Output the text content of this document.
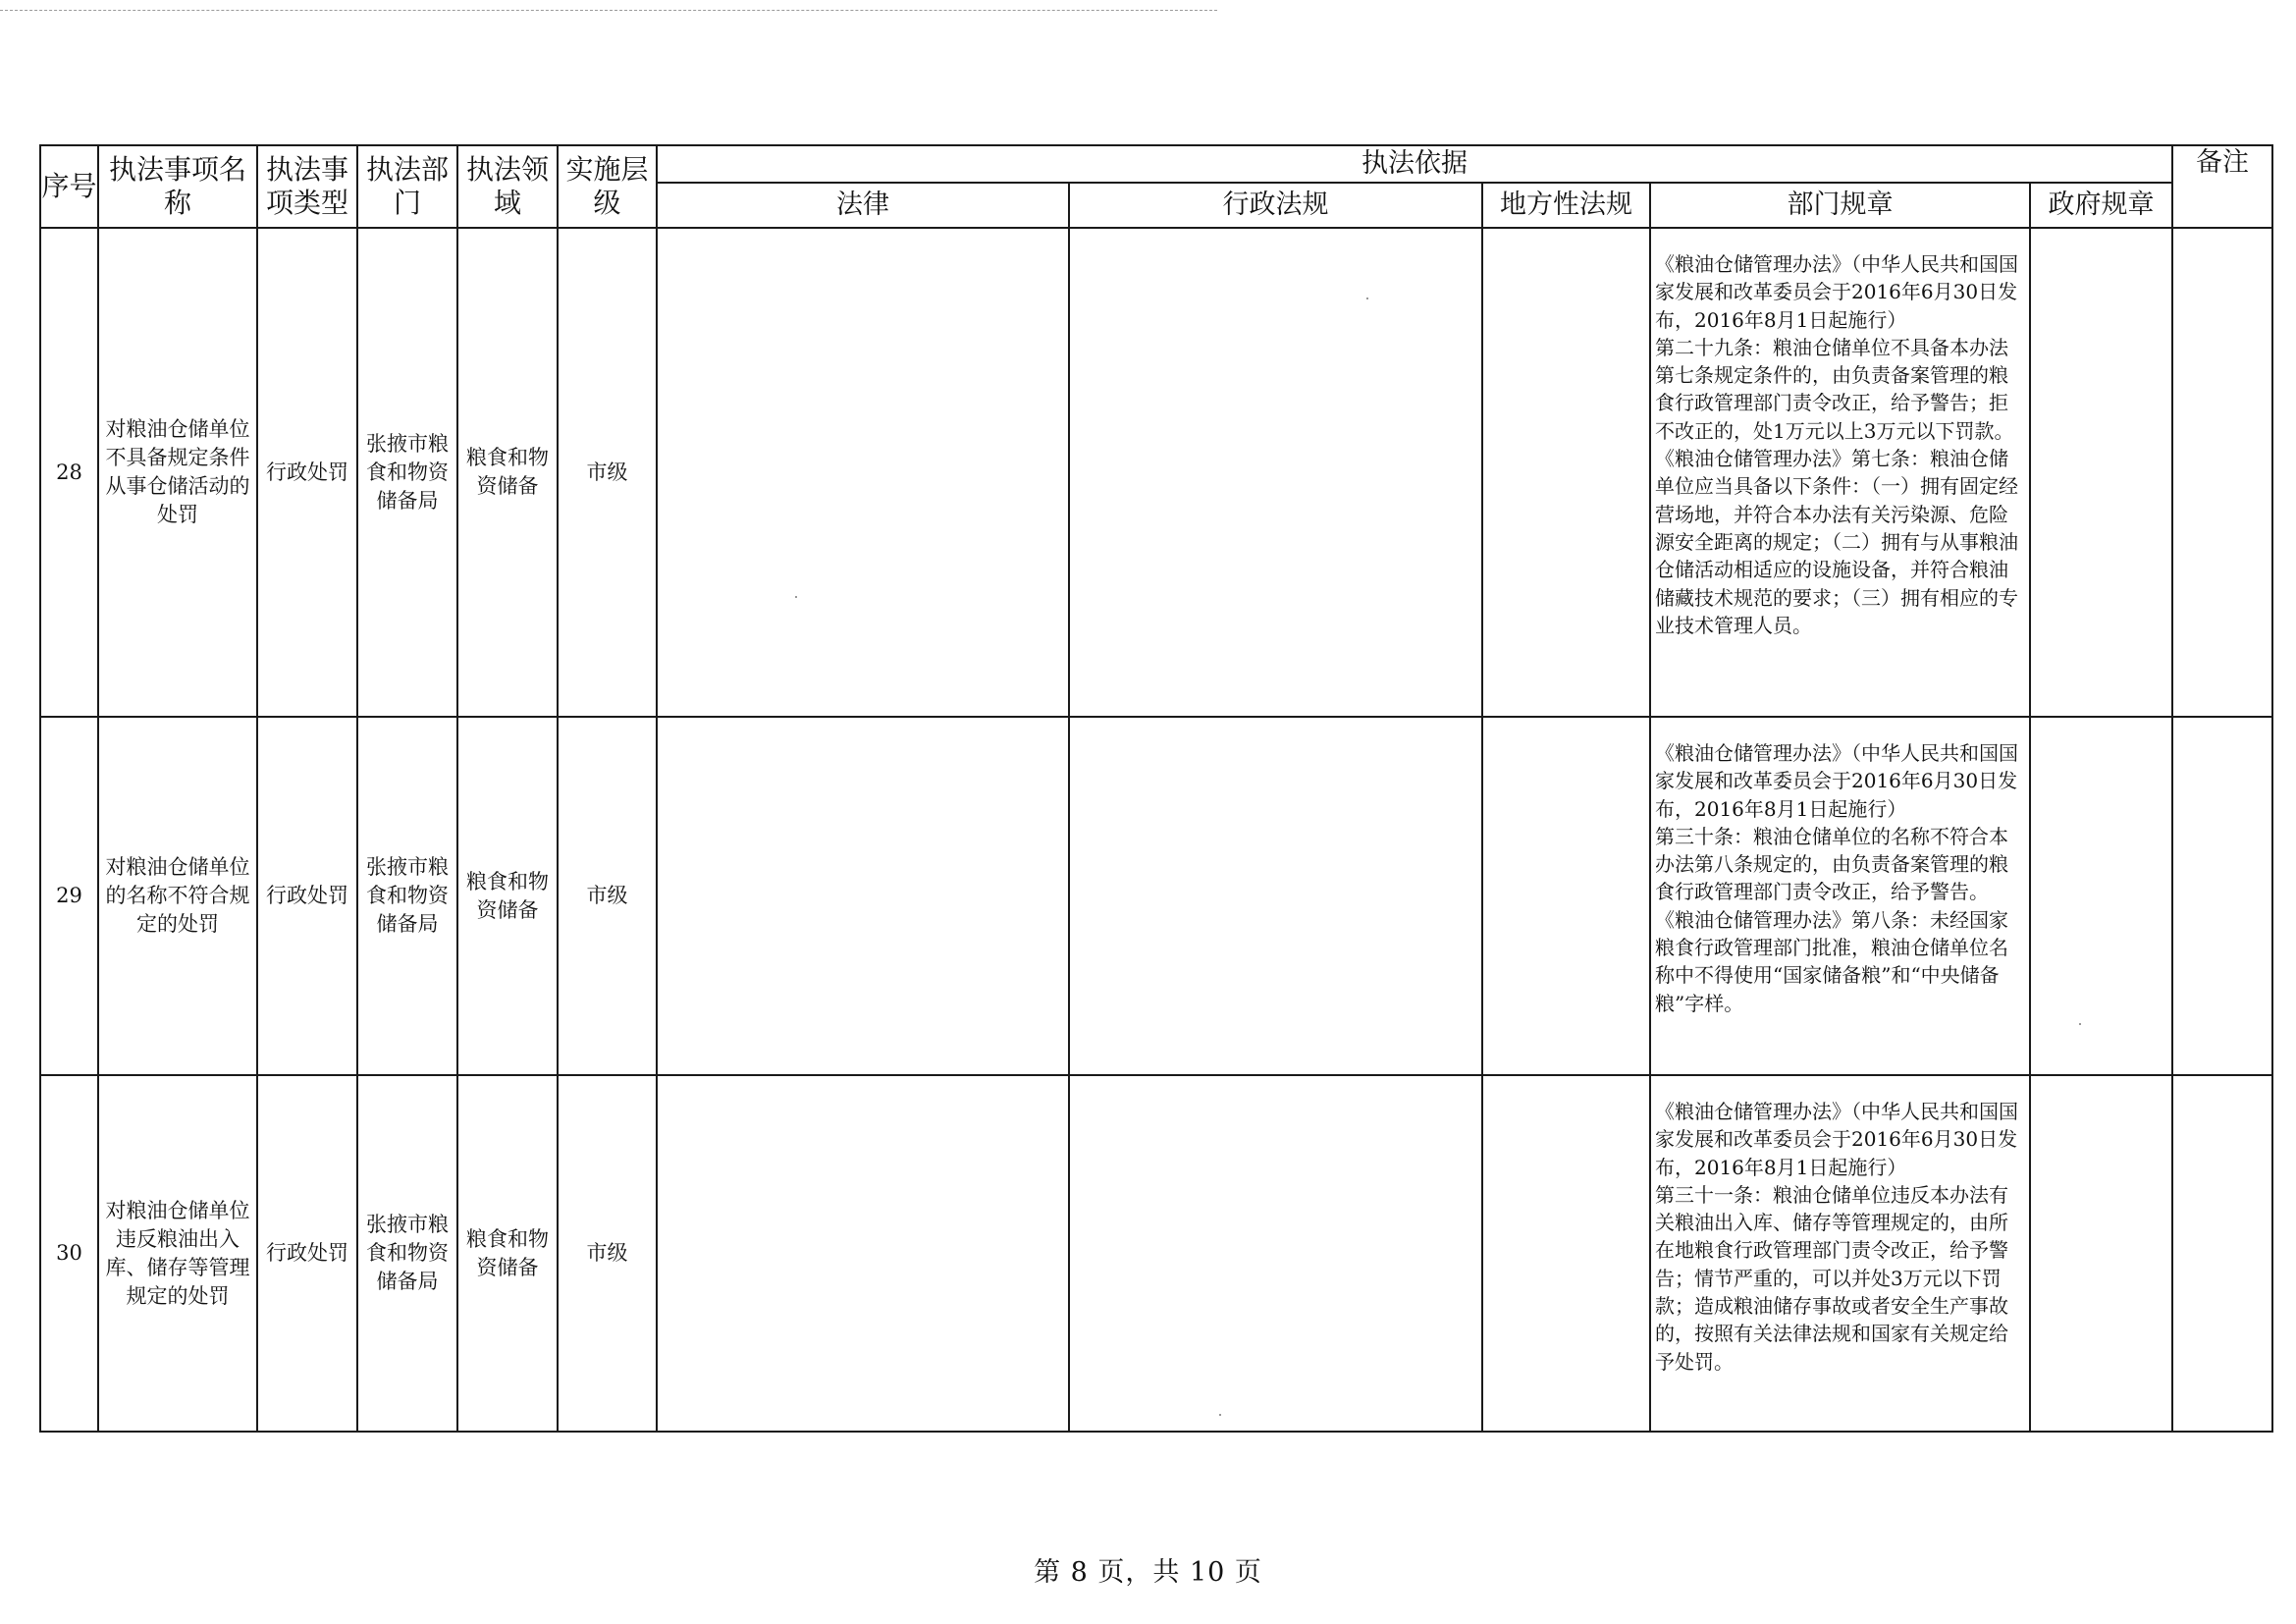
序号	执法事项名称	执法事项类型	执法部门	执法领域	实施层级	执法依据					备注
						法律	行政法规	地方性法规	部门规章	政府规章	
28	对粮油仓储单位不具备规定条件从事仓储活动的处罚	行政处罚	张掖市粮食和物资储备局	粮食和物资储备	市级				《粮油仓储管理办法》（中华人民共和国国家发展和改革委员会于2016年6月30日发布，2016年8月1日起施行）

第二十九条：粮油仓储单位不具备本办法第七条规定条件的，由负责备案管理的粮食行政管理部门责令改正，给予警告；拒不改正的，处1万元以上3万元以下罚款。

《粮油仓储管理办法》第七条：粮油仓储单位应当具备以下条件：（一）拥有固定经营场地，并符合本办法有关污染源、危险源安全距离的规定；（二）拥有与从事粮油仓储活动相适应的设施设备，并符合粮油储藏技术规范的要求；（三）拥有相应的专业技术管理人员。		

29	对粮油仓储单位的名称不符合规定的处罚	行政处罚	张掖市粮食和物资储备局	粮食和物资储备	市级				《粮油仓储管理办法》（中华人民共和国国家发展和改革委员会于2016年6月30日发布，2016年8月1日起施行）

第三十条：粮油仓储单位的名称不符合本办法第八条规定的，由负责备案管理的粮食行政管理部门责令改正，给予警告。

《粮油仓储管理办法》第八条：未经国家粮食行政管理部门批准，粮油仓储单位名称中不得使用“国家储备粮”和“中央储备粮”字样。		

30	对粮油仓储单位违反粮油出入库、储存等管理规定的处罚	行政处罚	张掖市粮食和物资储备局	粮食和物资储备	市级				《粮油仓储管理办法》（中华人民共和国国家发展和改革委员会于2016年6月30日发布，2016年8月1日起施行）

第三十一条：粮油仓储单位违反本办法有关粮油出入库、储存等管理规定的，由所在地粮食行政管理部门责令改正，给予警告；情节严重的，可以并处3万元以下罚款；造成粮油储存事故或者安全生产事故的，按照有关法律法规和国家有关规定给予处罚。		

第 8 页，共 10 页
